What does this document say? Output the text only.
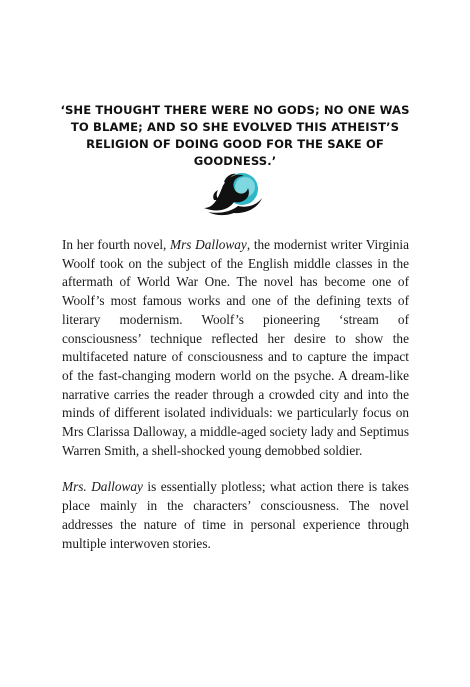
‘SHE THOUGHT THERE WERE NO GODS; NO ONE WAS TO BLAME; AND SO SHE EVOLVED THIS ATHEIST’S RELIGION OF DOING GOOD FOR THE SAKE OF GOODNESS.’

In her fourth novel, Mrs Dalloway, the modernist writer Virginia Woolf took on the subject of the English middle classes in the aftermath of World War One. The novel has become one of Woolf’s most famous works and one of the defining texts of literary modernism. Woolf’s pioneering ‘stream of consciousness’ technique reflected her desire to show the multifaceted nature of consciousness and to capture the impact of the fast-changing modern world on the psyche. A dream-like narrative carries the reader through a crowded city and into the minds of different isolated individuals: we particularly focus on Mrs Clarissa Dalloway, a middle-aged society lady and Septimus Warren Smith, a shell-shocked young demobbed soldier.

Mrs. Dalloway is essentially plotless; what action there is takes place mainly in the characters’ consciousness. The novel addresses the nature of time in personal experience through multiple interwoven stories.
